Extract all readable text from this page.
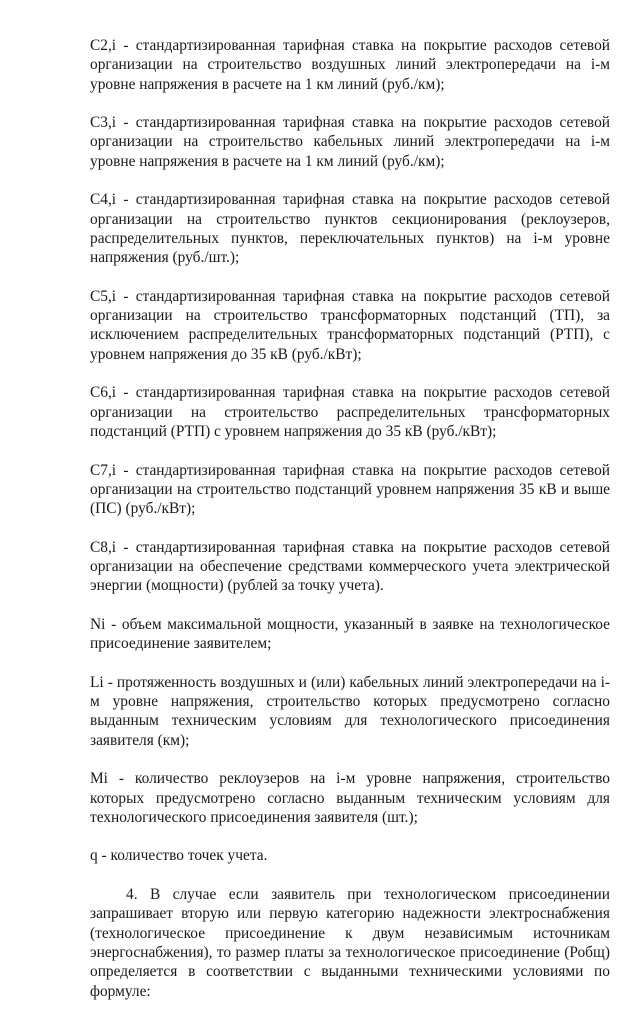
С2,i - стандартизированная тарифная ставка на покрытие расходов сетевой организации на строительство воздушных линий электропередачи на i-м уровне напряжения в расчете на 1 км линий (руб./км);

С3,i - стандартизированная тарифная ставка на покрытие расходов сетевой организации на строительство кабельных линий электропередачи на i-м уровне напряжения в расчете на 1 км линий (руб./км);

С4,i - стандартизированная тарифная ставка на покрытие расходов сетевой организации на строительство пунктов секционирования (реклоузеров, распределительных пунктов, переключательных пунктов) на i-м уровне напряжения (руб./шт.);

С5,i - стандартизированная тарифная ставка на покрытие расходов сетевой организации на строительство трансформаторных подстанций (ТП), за исключением распределительных трансформаторных подстанций (РТП), с уровнем напряжения до 35 кВ (руб./кВт);

С6,i - стандартизированная тарифная ставка на покрытие расходов сетевой организации на строительство распределительных трансформаторных подстанций (РТП) с уровнем напряжения до 35 кВ (руб./кВт);

С7,i - стандартизированная тарифная ставка на покрытие расходов сетевой организации на строительство подстанций уровнем напряжения 35 кВ и выше (ПС) (руб./кВт);

С8,i - стандартизированная тарифная ставка на покрытие расходов сетевой организации на обеспечение средствами коммерческого учета электрической энергии (мощности) (рублей за точку учета).

Ni - объем максимальной мощности, указанный в заявке на технологическое присоединение заявителем;

Li - протяженность воздушных и (или) кабельных линий электропередачи на i-м уровне напряжения, строительство которых предусмотрено согласно выданным техническим условиям для технологического присоединения заявителя (км);

Mi - количество реклоузеров на i-м уровне напряжения, строительство которых предусмотрено согласно выданным техническим условиям для технологического присоединения заявителя (шт.);

q - количество точек учета.

4. В случае если заявитель при технологическом присоединении запрашивает вторую или первую категорию надежности электроснабжения (технологическое присоединение к двум независимым источникам энергоснабжения), то размер платы за технологическое присоединение (Робщ) определяется в соответствии с выданными техническими условиями по формуле:
